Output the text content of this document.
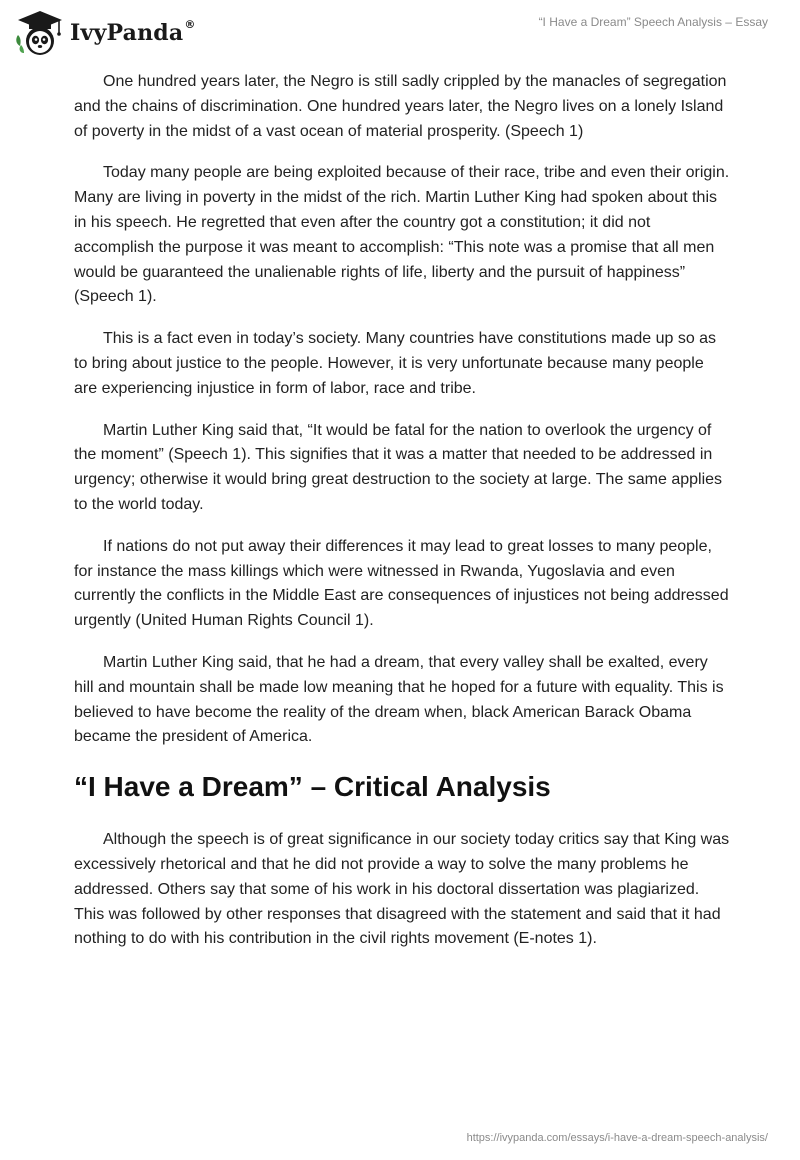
IvyPanda®	“I Have a Dream” Speech Analysis – Essay

One hundred years later, the Negro is still sadly crippled by the manacles of segregation and the chains of discrimination. One hundred years later, the Negro lives on a lonely Island of poverty in the midst of a vast ocean of material prosperity. (Speech 1)

Today many people are being exploited because of their race, tribe and even their origin. Many are living in poverty in the midst of the rich. Martin Luther King had spoken about this in his speech. He regretted that even after the country got a constitution; it did not accomplish the purpose it was meant to accomplish: “This note was a promise that all men would be guaranteed the unalienable rights of life, liberty and the pursuit of happiness” (Speech 1).

This is a fact even in today’s society. Many countries have constitutions made up so as to bring about justice to the people. However, it is very unfortunate because many people are experiencing injustice in form of labor, race and tribe.

Martin Luther King said that, “It would be fatal for the nation to overlook the urgency of the moment” (Speech 1). This signifies that it was a matter that needed to be addressed in urgency; otherwise it would bring great destruction to the society at large. The same applies to the world today.

If nations do not put away their differences it may lead to great losses to many people, for instance the mass killings which were witnessed in Rwanda, Yugoslavia and even currently the conflicts in the Middle East are consequences of injustices not being addressed urgently (United Human Rights Council 1).

Martin Luther King said, that he had a dream, that every valley shall be exalted, every hill and mountain shall be made low meaning that he hoped for a future with equality. This is believed to have become the reality of the dream when, black American Barack Obama became the president of America.

“I Have a Dream” – Critical Analysis

Although the speech is of great significance in our society today critics say that King was excessively rhetorical and that he did not provide a way to solve the many problems he addressed. Others say that some of his work in his doctoral dissertation was plagiarized. This was followed by other responses that disagreed with the statement and said that it had nothing to do with his contribution in the civil rights movement (E-notes 1).

https://ivypanda.com/essays/i-have-a-dream-speech-analysis/
